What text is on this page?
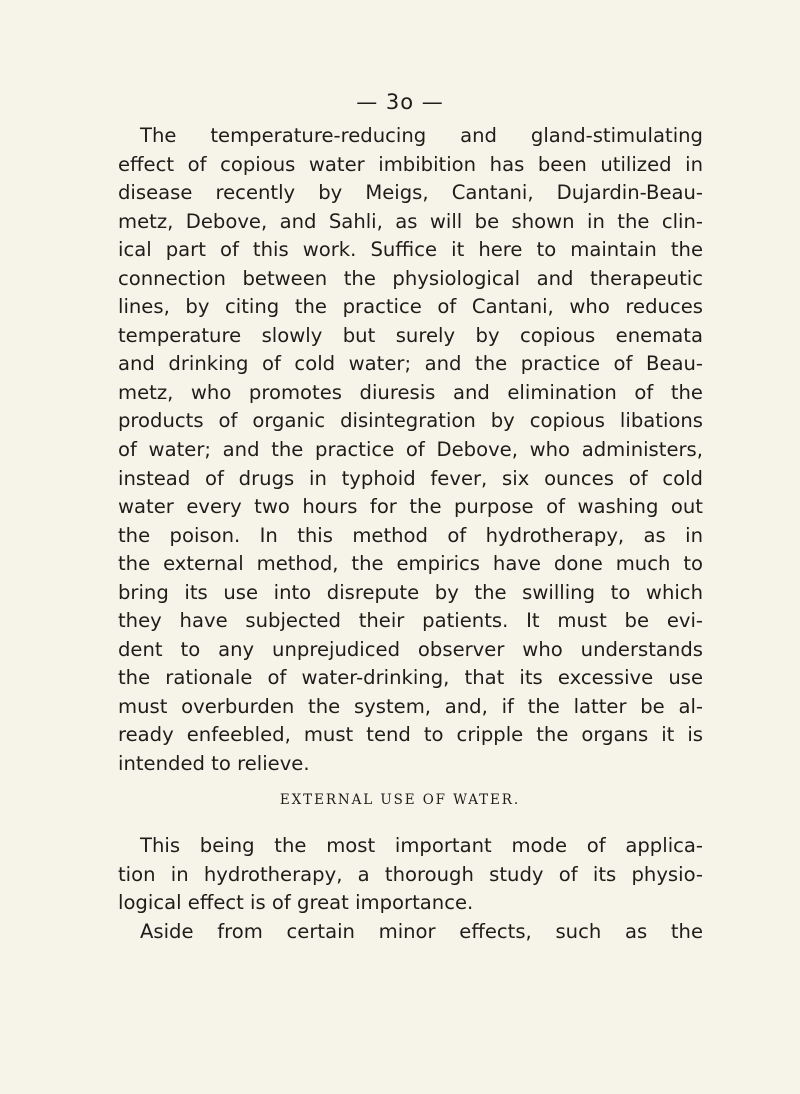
— 3o —
The temperature-reducing and gland-stimulating
effect of copious water imbibition has been utilized in
disease recently by Meigs, Cantani, Dujardin-Beau-
metz, Debove, and Sahli, as will be shown in the clin-
ical part of this work. Suffice it here to maintain the
connection between the physiological and therapeutic
lines, by citing the practice of Cantani, who reduces
temperature slowly but surely by copious enemata
and drinking of cold water; and the practice of Beau-
metz, who promotes diuresis and elimination of the
products of organic disintegration by copious libations
of water; and the practice of Debove, who administers,
instead of drugs in typhoid fever, six ounces of cold
water every two hours for the purpose of washing out
the poison. In this method of hydrotherapy, as in
the external method, the empirics have done much to
bring its use into disrepute by the swilling to which
they have subjected their patients. It must be evi-
dent to any unprejudiced observer who understands
the rationale of water-drinking, that its excessive use
must overburden the system, and, if the latter be al-
ready enfeebled, must tend to cripple the organs it is
intended to relieve.
EXTERNAL USE OF WATER.
This being the most important mode of applica-
tion in hydrotherapy, a thorough study of its physio-
logical effect is of great importance.
Aside from certain minor effects, such as the
